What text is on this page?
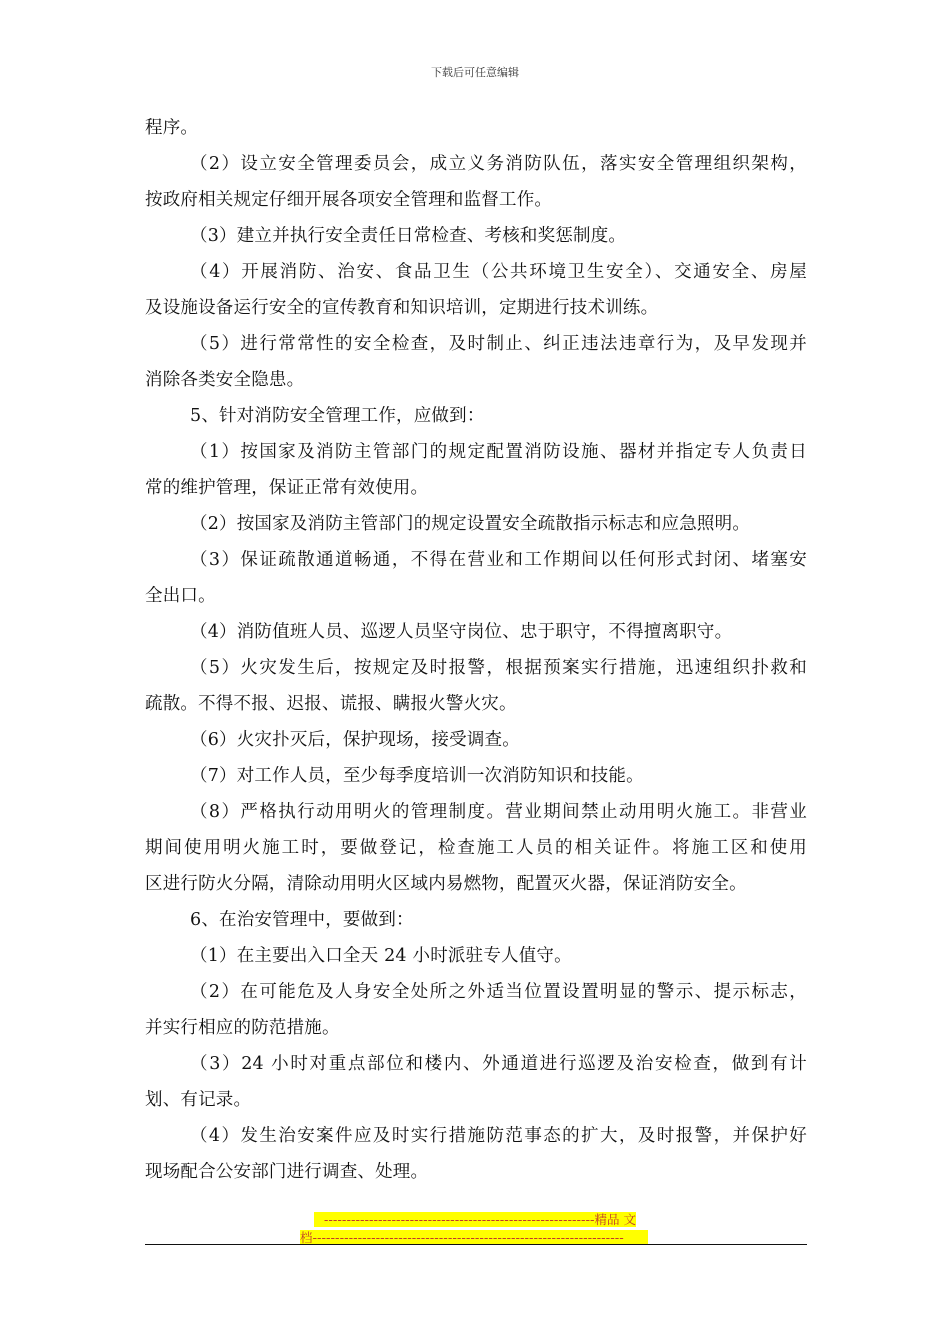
下载后可任意编辑
程序。
（2）设立安全管理委员会，成立义务消防队伍，落实安全管理组织架构，
按政府相关规定仔细开展各项安全管理和监督工作。
（3）建立并执行安全责任日常检查、考核和奖惩制度。
（4）开展消防、治安、食品卫生（公共环境卫生安全）、交通安全、房屋
及设施设备运行安全的宣传教育和知识培训，定期进行技术训练。
（5）进行常常性的安全检查，及时制止、纠正违法违章行为，及早发现并
消除各类安全隐患。
5、针对消防安全管理工作，应做到：
（1）按国家及消防主管部门的规定配置消防设施、器材并指定专人负责日
常的维护管理，保证正常有效使用。
（2）按国家及消防主管部门的规定设置安全疏散指示标志和应急照明。
（3）保证疏散通道畅通，不得在营业和工作期间以任何形式封闭、堵塞安
全出口。
（4）消防值班人员、巡逻人员坚守岗位、忠于职守，不得擅离职守。
（5）火灾发生后，按规定及时报警，根据预案实行措施，迅速组织扑救和
疏散。不得不报、迟报、谎报、瞒报火警火灾。
（6）火灾扑灭后，保护现场，接受调查。
（7）对工作人员，至少每季度培训一次消防知识和技能。
（8）严格执行动用明火的管理制度。营业期间禁止动用明火施工。非营业
期间使用明火施工时，要做登记，检查施工人员的相关证件。将施工区和使用
区进行防火分隔，清除动用明火区域内易燃物，配置灭火器，保证消防安全。
6、在治安管理中，要做到：
（1）在主要出入口全天 24 小时派驻专人值守。
（2）在可能危及人身安全处所之外适当位置设置明显的警示、提示标志，
并实行相应的防范措施。
（3）24 小时对重点部位和楼内、外通道进行巡逻及治安检查，做到有计
划、有记录。
（4）发生治安案件应及时实行措施防范事态的扩大，及时报警，并保护好
现场配合公安部门进行调查、处理。
------------------------------------------------------------精品 文
档---------------------------------------------------------------------
